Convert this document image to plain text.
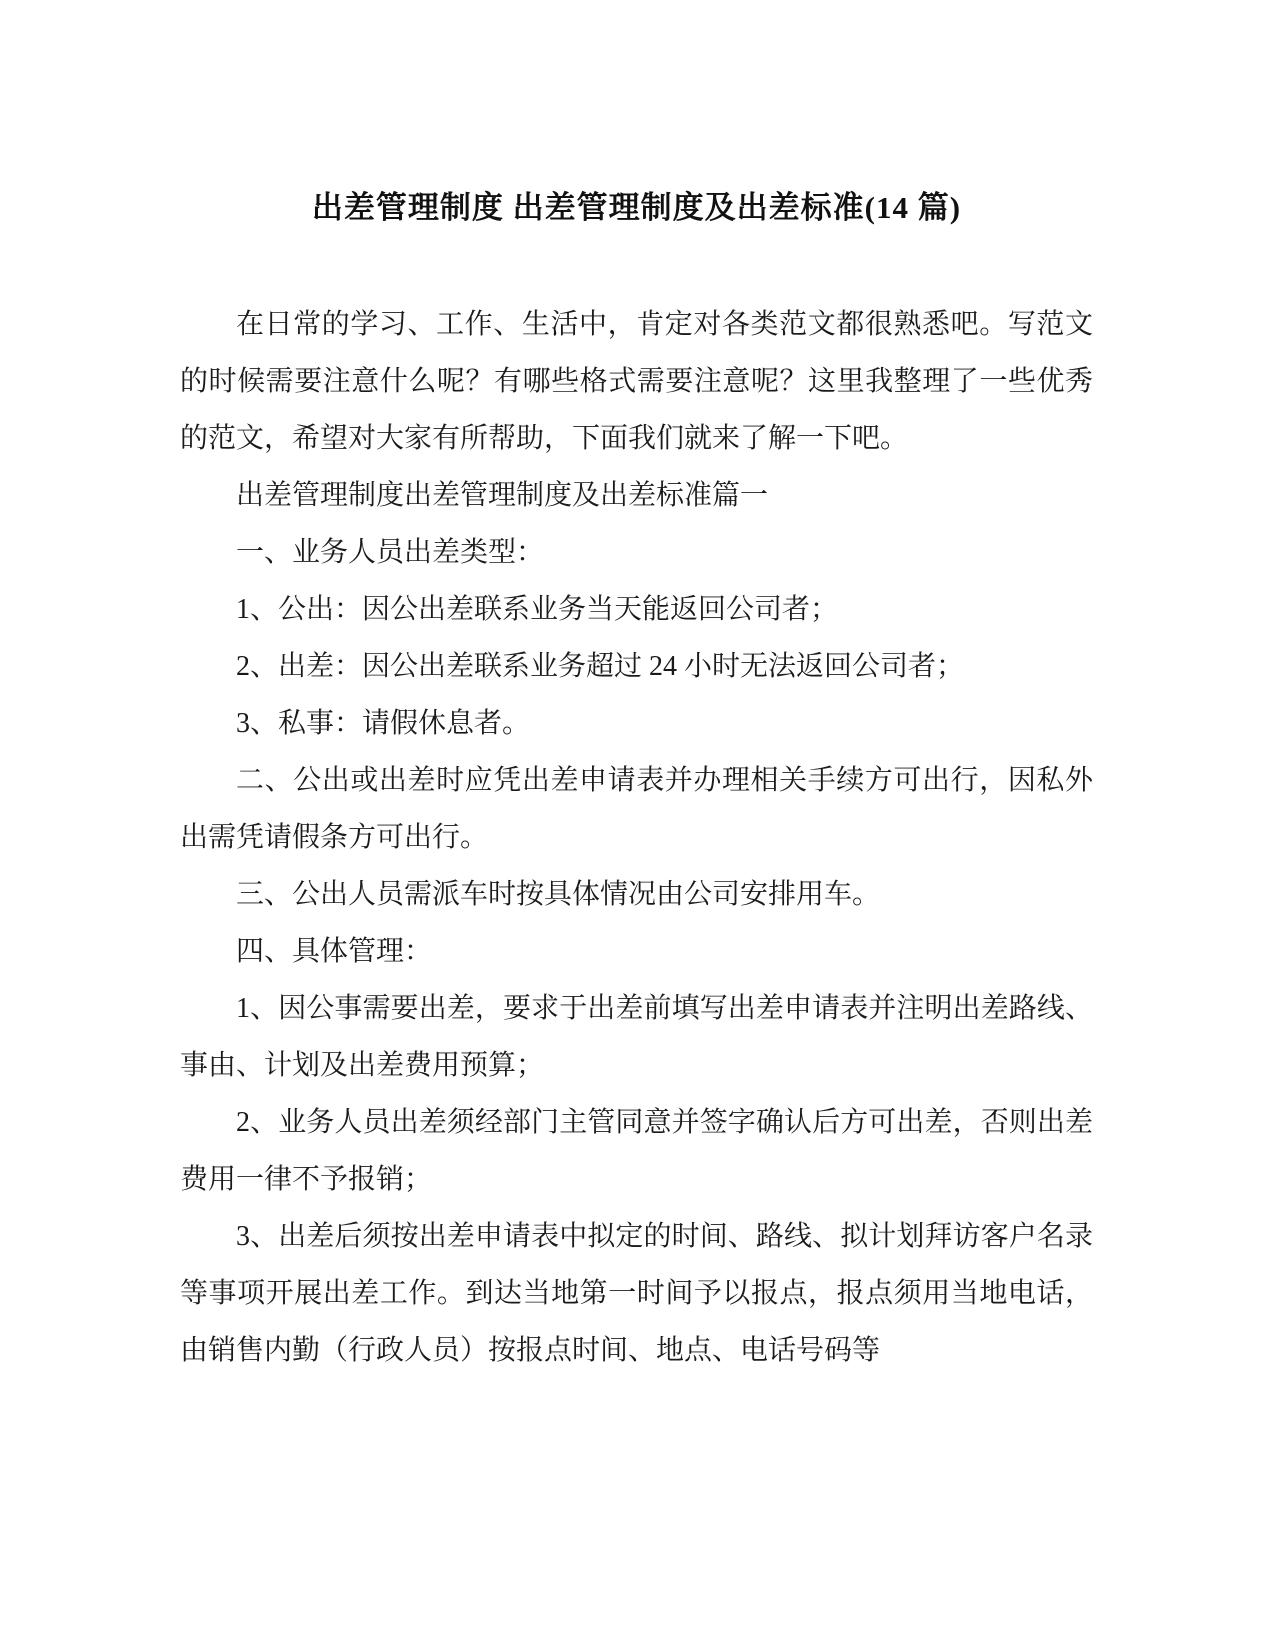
出差管理制度 出差管理制度及出差标准(14 篇)

在日常的学习、工作、生活中，肯定对各类范文都很熟悉吧。写范文的时候需要注意什么呢？有哪些格式需要注意呢？这里我整理了一些优秀的范文，希望对大家有所帮助，下面我们就来了解一下吧。

出差管理制度出差管理制度及出差标准篇一

一、业务人员出差类型：

1、公出：因公出差联系业务当天能返回公司者；

2、出差：因公出差联系业务超过 24 小时无法返回公司者；

3、私事：请假休息者。

二、公出或出差时应凭出差申请表并办理相关手续方可出行，因私外出需凭请假条方可出行。

三、公出人员需派车时按具体情况由公司安排用车。

四、具体管理：

1、因公事需要出差，要求于出差前填写出差申请表并注明出差路线、事由、计划及出差费用预算；

2、业务人员出差须经部门主管同意并签字确认后方可出差，否则出差费用一律不予报销；

3、出差后须按出差申请表中拟定的时间、路线、拟计划拜访客户名录等事项开展出差工作。到达当地第一时间予以报点，报点须用当地电话，由销售内勤（行政人员）按报点时间、地点、电话号码等
